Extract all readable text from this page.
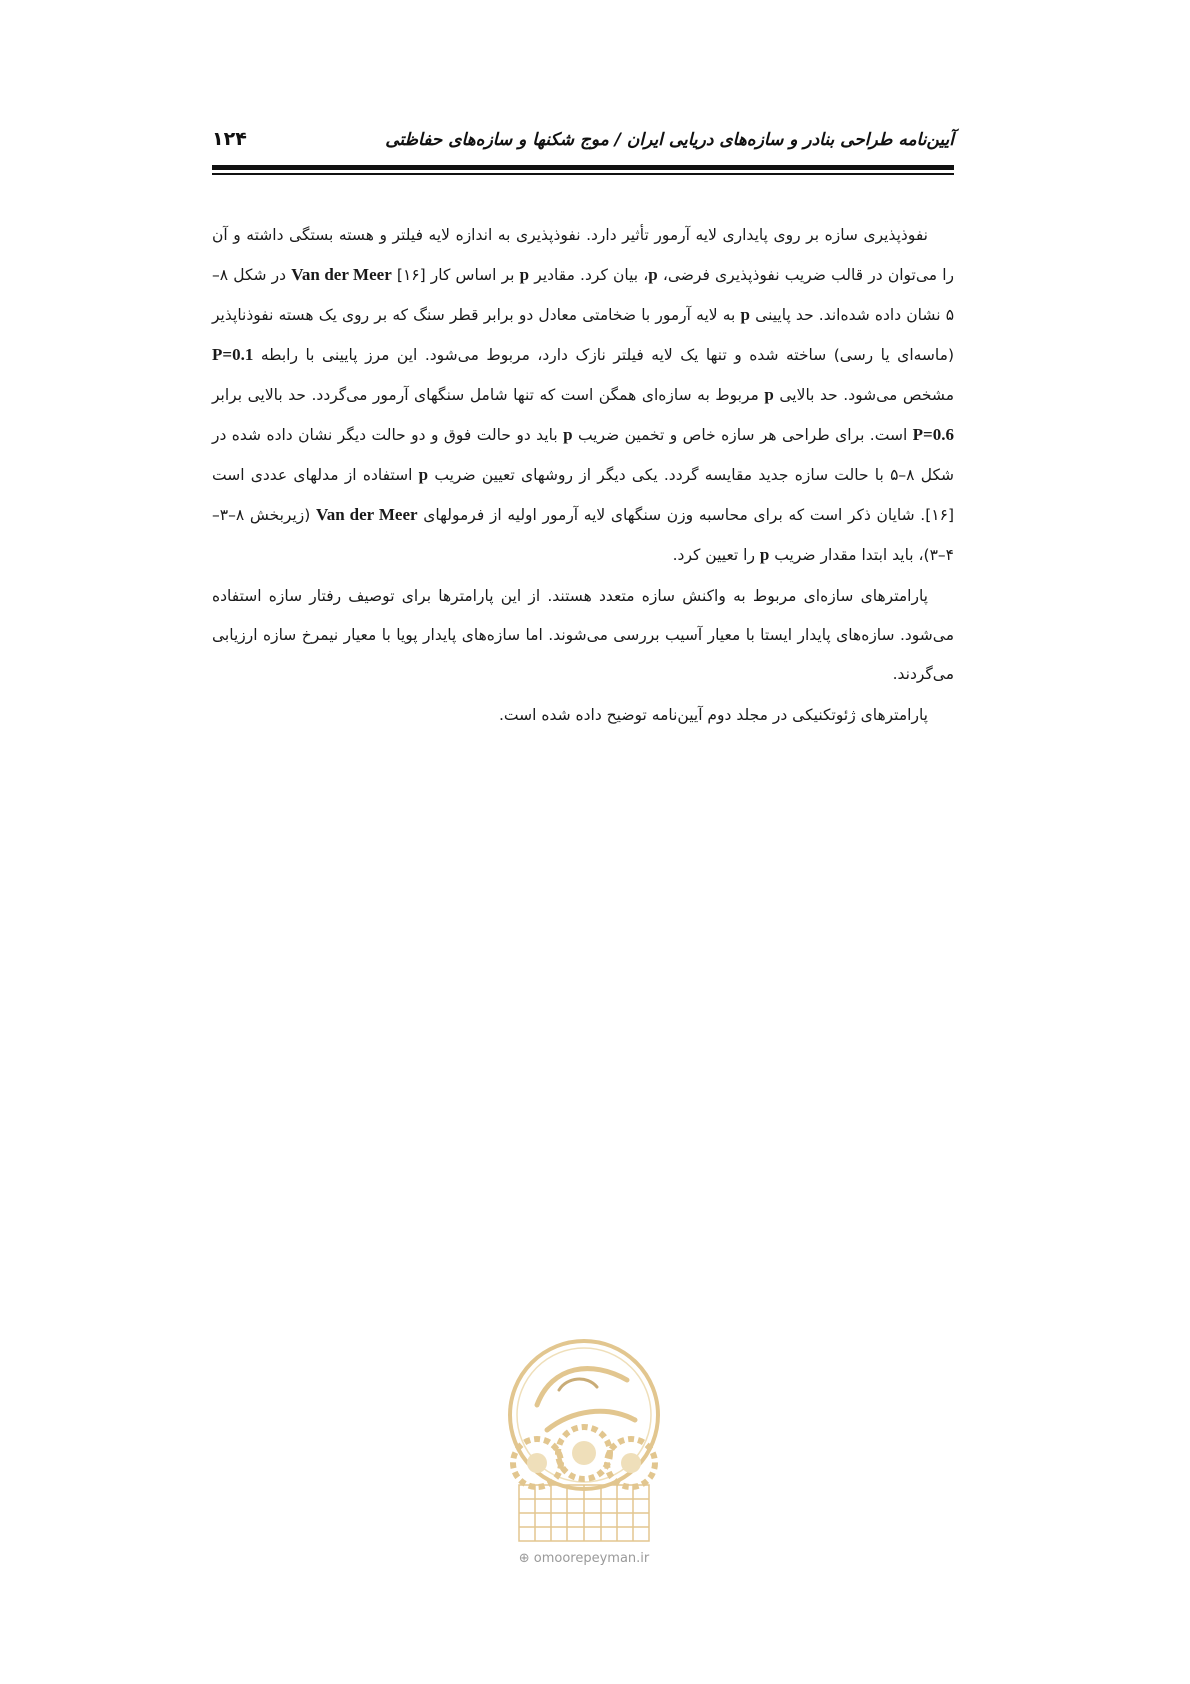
آیین‌نامه طراحی بنادر و سازه‌های دریایی ایران / موج شکنها و سازه‌های حفاظتی
۱۲۴

نفوذپذیری سازه بر روی پایداری لایه آرمور تأثیر دارد. نفوذپذیری به اندازه لایه فیلتر و هسته بستگی داشته و آن را می‌توان در قالب ضریب نفوذپذیری فرضی، p، بیان کرد. مقادیر p بر اساس کار Van der Meer [۱۶] در شکل ۸–۵ نشان داده شده‌اند. حد پایینی p به لایه آرمور با ضخامتی معادل دو برابر قطر سنگ که بر روی یک هسته نفوذناپذیر (ماسه‌ای یا رسی) ساخته شده و تنها یک لایه فیلتر نازک دارد، مربوط می‌شود. این مرز پایینی با رابطه P=0.1 مشخص می‌شود. حد بالایی p مربوط به سازه‌ای همگن است که تنها شامل سنگهای آرمور می‌گردد. حد بالایی برابر P=0.6 است. برای طراحی هر سازه خاص و تخمین ضریب p باید دو حالت فوق و دو حالت دیگر نشان داده شده در شکل ۸–۵ با حالت سازه جدید مقایسه گردد. یکی دیگر از روشهای تعیین ضریب p استفاده از مدلهای عددی است [۱۶]. شایان ذکر است که برای محاسبه وزن سنگهای لایه آرمور اولیه از فرمولهای Van der Meer (زیربخش ۸–۳–۴–۳)، باید ابتدا مقدار ضریب p را تعیین کرد.

پارامترهای سازه‌ای مربوط به واکنش سازه متعدد هستند. از این پارامترها برای توصیف رفتار سازه استفاده می‌شود. سازه‌های پایدار ایستا با معیار آسیب بررسی می‌شوند. اما سازه‌های پایدار پویا با معیار نیمرخ سازه ارزیابی می‌گردند.

پارامترهای ژئوتکنیکی در مجلد دوم آیین‌نامه توضیح داده شده است.

⊕ omoorepeyman.ir
